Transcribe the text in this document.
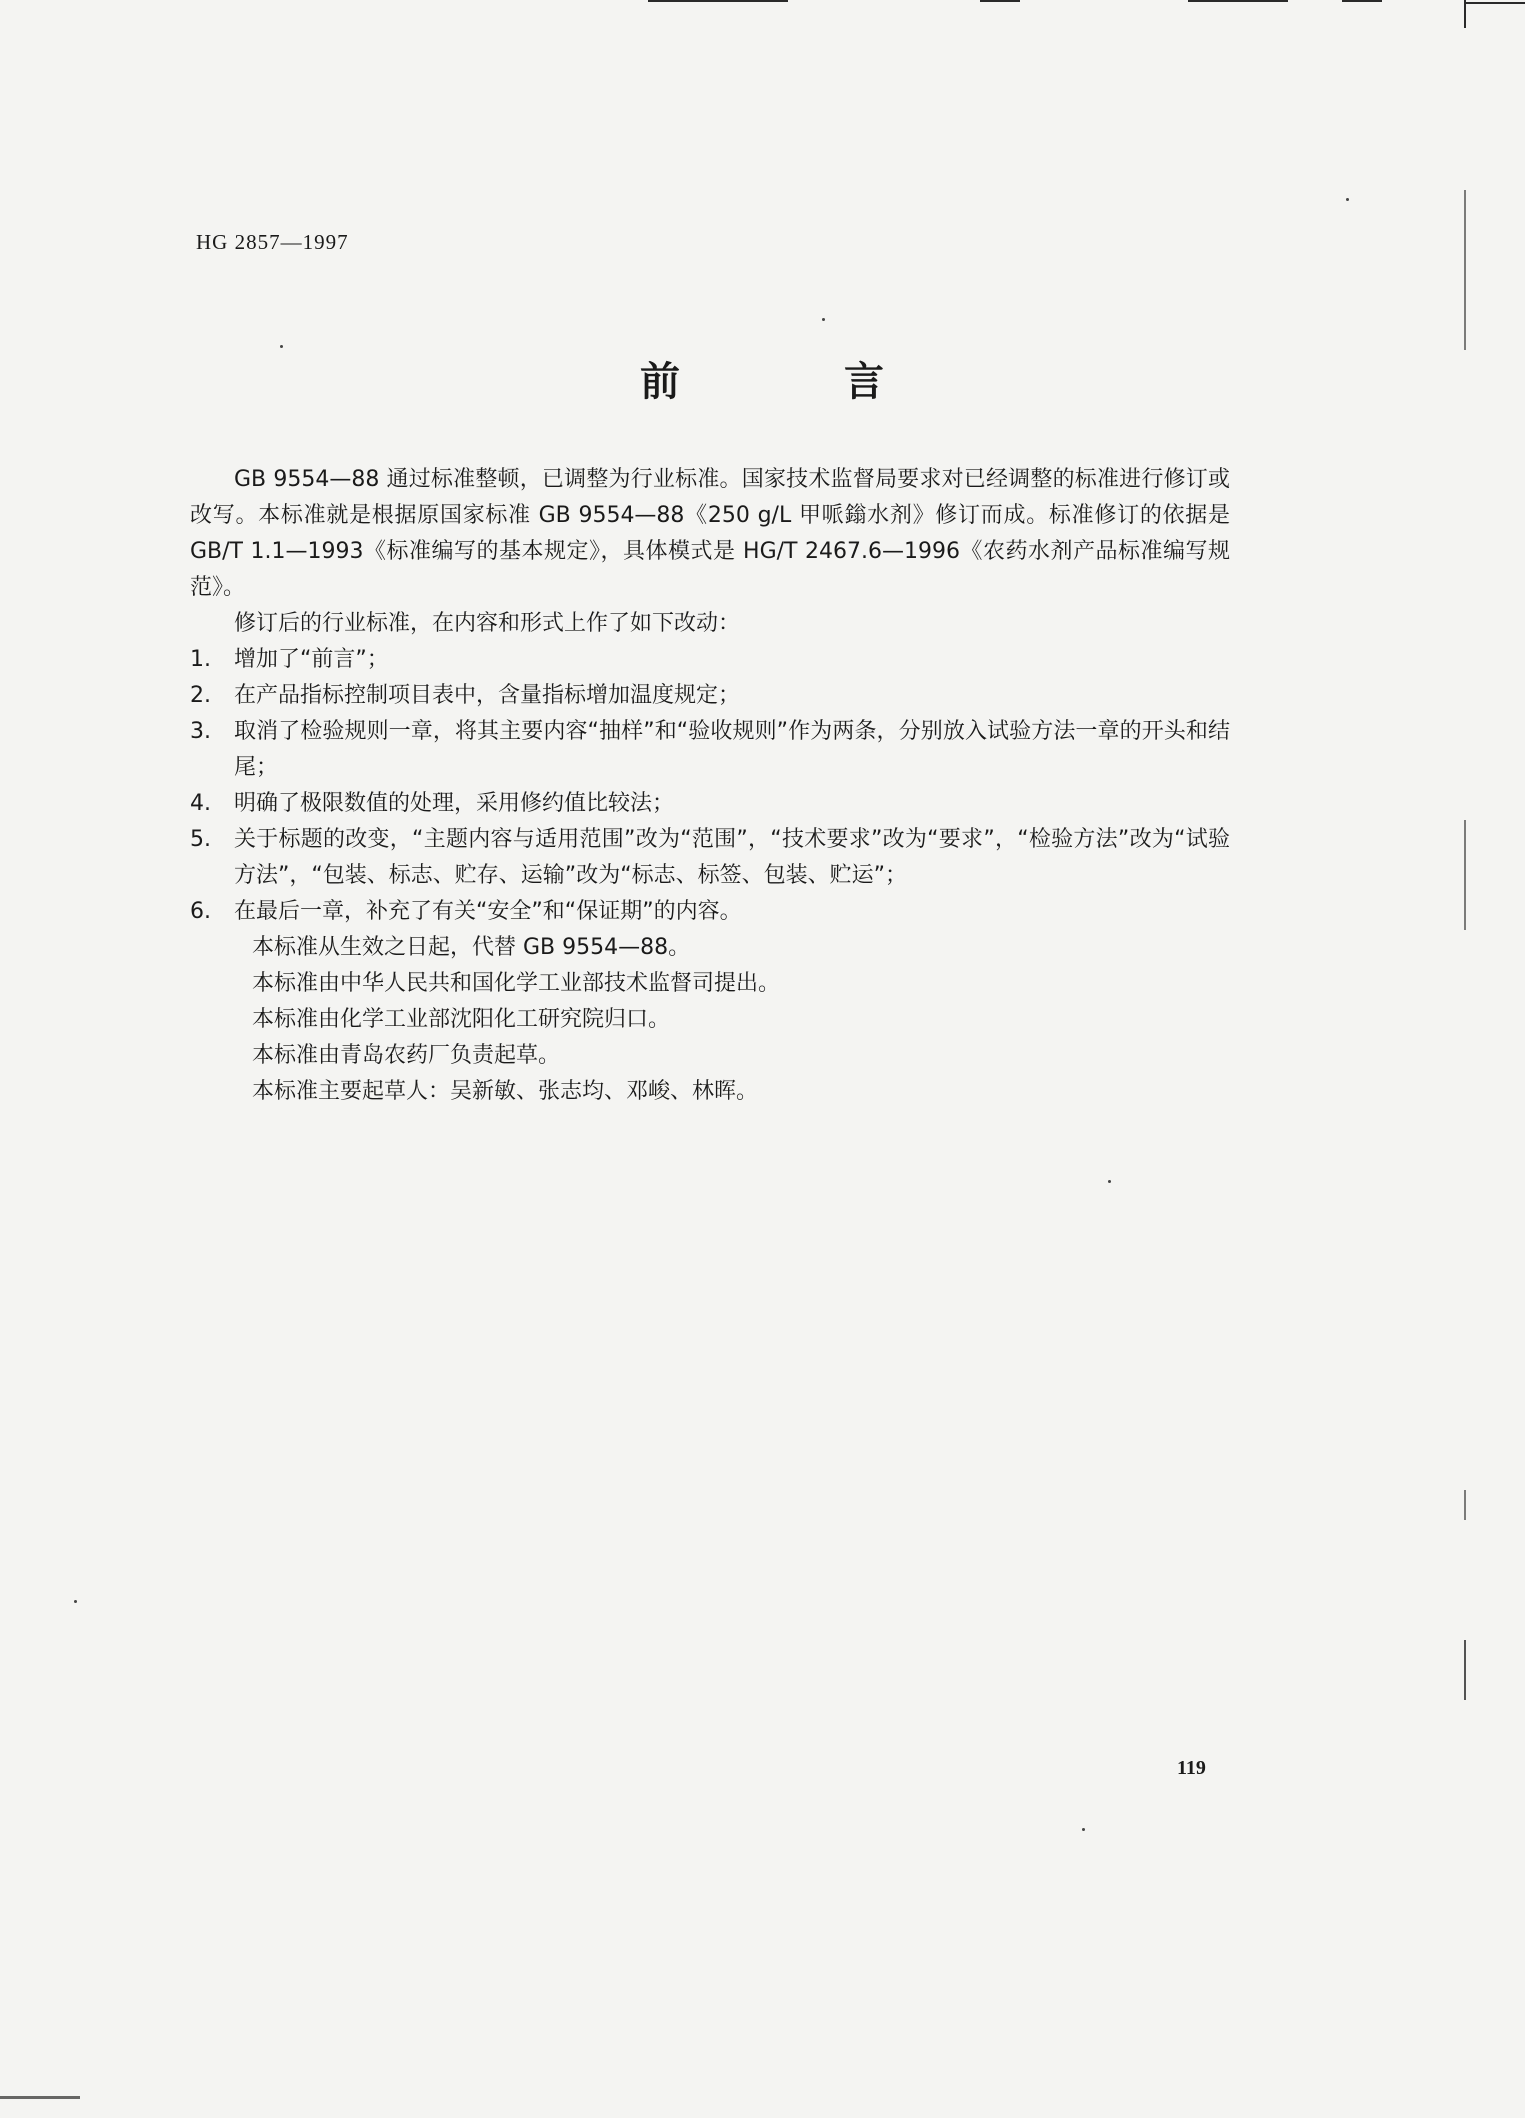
HG 2857—1997
前　言

GB 9554—88 通过标准整顿，已调整为行业标准。国家技术监督局要求对已经调整的标准进行修订或改写。本标准就是根据原国家标准 GB 9554—88《250 g/L 甲哌鎓水剂》修订而成。标准修订的依据是 GB/T 1.1—1993《标准编写的基本规定》，具体模式是 HG/T 2467.6—1996《农药水剂产品标准编写规范》。

修订后的行业标准，在内容和形式上作了如下改动：

1.	增加了“前言”；
2.	在产品指标控制项目表中，含量指标增加温度规定；
3.	取消了检验规则一章，将其主要内容“抽样”和“验收规则”作为两条，分别放入试验方法一章的开头和结尾；
4.	明确了极限数值的处理，采用修约值比较法；
5.	关于标题的改变，“主题内容与适用范围”改为“范围”，“技术要求”改为“要求”，“检验方法”改为“试验方法”，“包装、标志、贮存、运输”改为“标志、标签、包装、贮运”；
6.	在最后一章，补充了有关“安全”和“保证期”的内容。

本标准从生效之日起，代替 GB 9554—88。

本标准由中华人民共和国化学工业部技术监督司提出。

本标准由化学工业部沈阳化工研究院归口。

本标准由青岛农药厂负责起草。

本标准主要起草人：吴新敏、张志均、邓峻、林晖。

119
